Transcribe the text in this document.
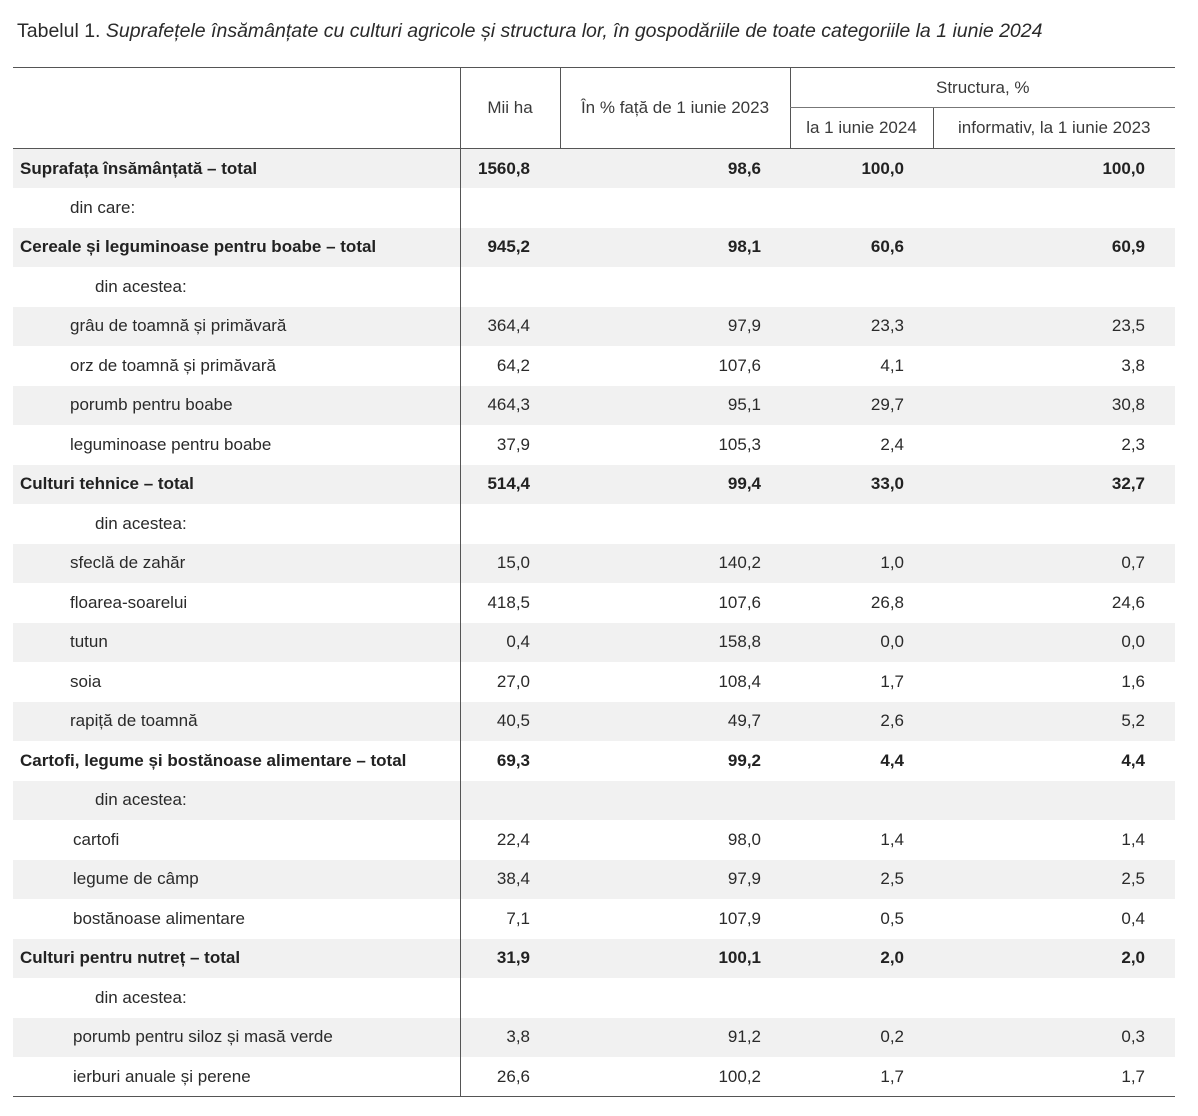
Tabelul 1. Suprafețele însămânțate cu culturi agricole și structura lor, în gospodăriile de toate categoriile la 1 iunie 2024
	Mii ha	În % față de 1 iunie 2023	Structura, %	
			la 1 iunie 2024	informativ, la 1 iunie 2023
Suprafața însămânțată – total	1560,8	98,6	100,0	100,0
din care:				
Cereale și leguminoase pentru boabe – total	945,2	98,1	60,6	60,9
din acestea:				
grâu de toamnă și primăvară	364,4	97,9	23,3	23,5
orz de toamnă și primăvară	64,2	107,6	4,1	3,8
porumb pentru boabe	464,3	95,1	29,7	30,8
leguminoase pentru boabe	37,9	105,3	2,4	2,3
Culturi tehnice – total	514,4	99,4	33,0	32,7
din acestea:				
sfeclă de zahăr	15,0	140,2	1,0	0,7
floarea-soarelui	418,5	107,6	26,8	24,6
tutun	0,4	158,8	0,0	0,0
soia	27,0	108,4	1,7	1,6
rapiță de toamnă	40,5	49,7	2,6	5,2
Cartofi, legume și bostănoase alimentare – total	69,3	99,2	4,4	4,4
din acestea:				
cartofi	22,4	98,0	1,4	1,4
legume de câmp	38,4	97,9	2,5	2,5
bostănoase alimentare	7,1	107,9	0,5	0,4
Culturi pentru nutreț – total	31,9	100,1	2,0	2,0
din acestea:				
porumb pentru siloz și masă verde	3,8	91,2	0,2	0,3
ierburi anuale și perene	26,6	100,2	1,7	1,7
